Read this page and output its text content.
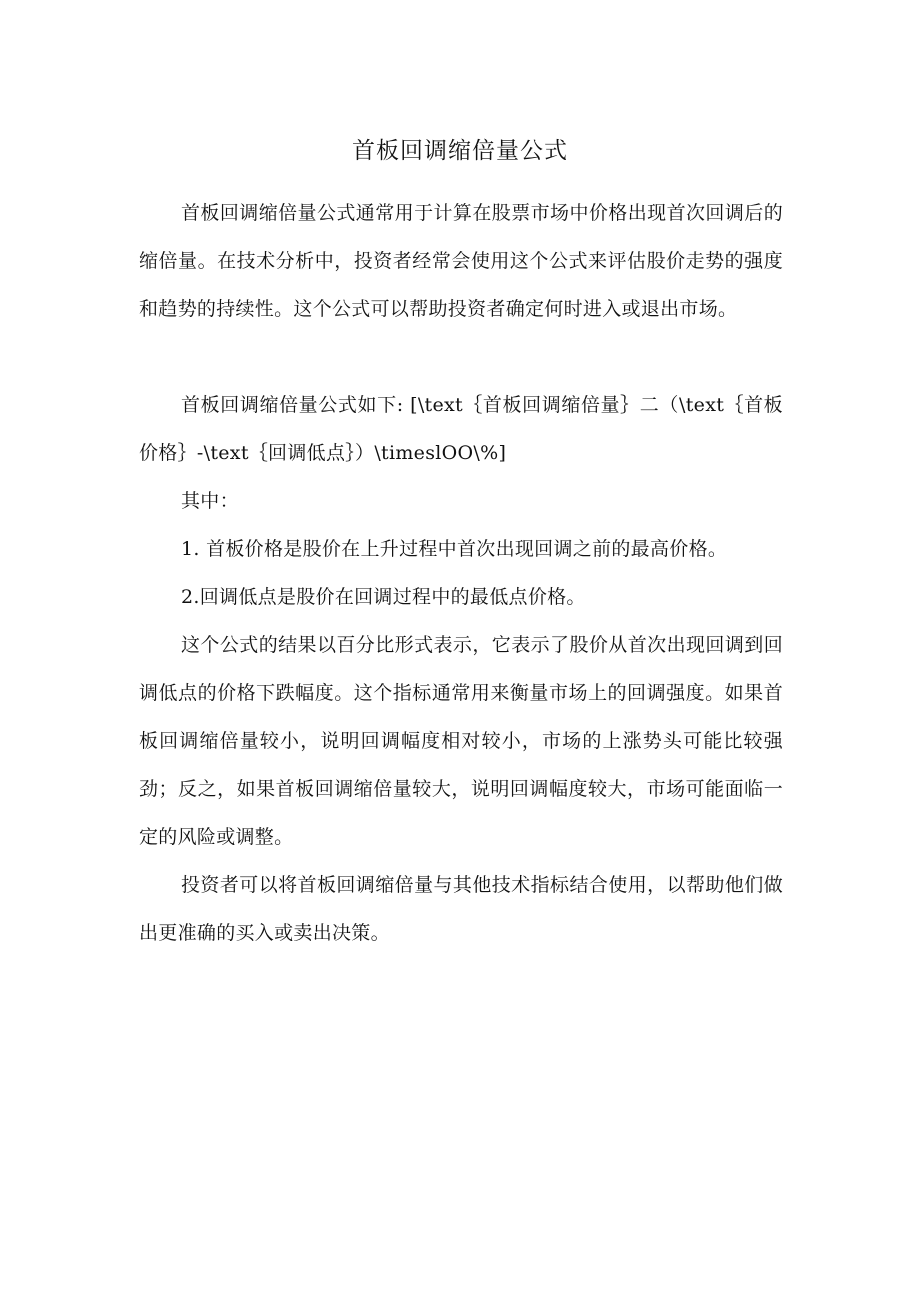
首板回调缩倍量公式

首板回调缩倍量公式通常用于计算在股票市场中价格出现首次回调后的缩倍量。在技术分析中，投资者经常会使用这个公式来评估股价走势的强度和趋势的持续性。这个公式可以帮助投资者确定何时进入或退出市场。

首板回调缩倍量公式如下: [\text｛首板回调缩倍量｝二（\text｛首板价格｝-\text｛回调低点｝）\timeslOO\%]

其中：

1. 首板价格是股价在上升过程中首次出现回调之前的最高价格。

2.回调低点是股价在回调过程中的最低点价格。

这个公式的结果以百分比形式表示，它表示了股价从首次出现回调到回调低点的价格下跌幅度。这个指标通常用来衡量市场上的回调强度。如果首板回调缩倍量较小，说明回调幅度相对较小，市场的上涨势头可能比较强劲；反之，如果首板回调缩倍量较大，说明回调幅度较大，市场可能面临一定的风险或调整。

投资者可以将首板回调缩倍量与其他技术指标结合使用，以帮助他们做出更准确的买入或卖出决策。
